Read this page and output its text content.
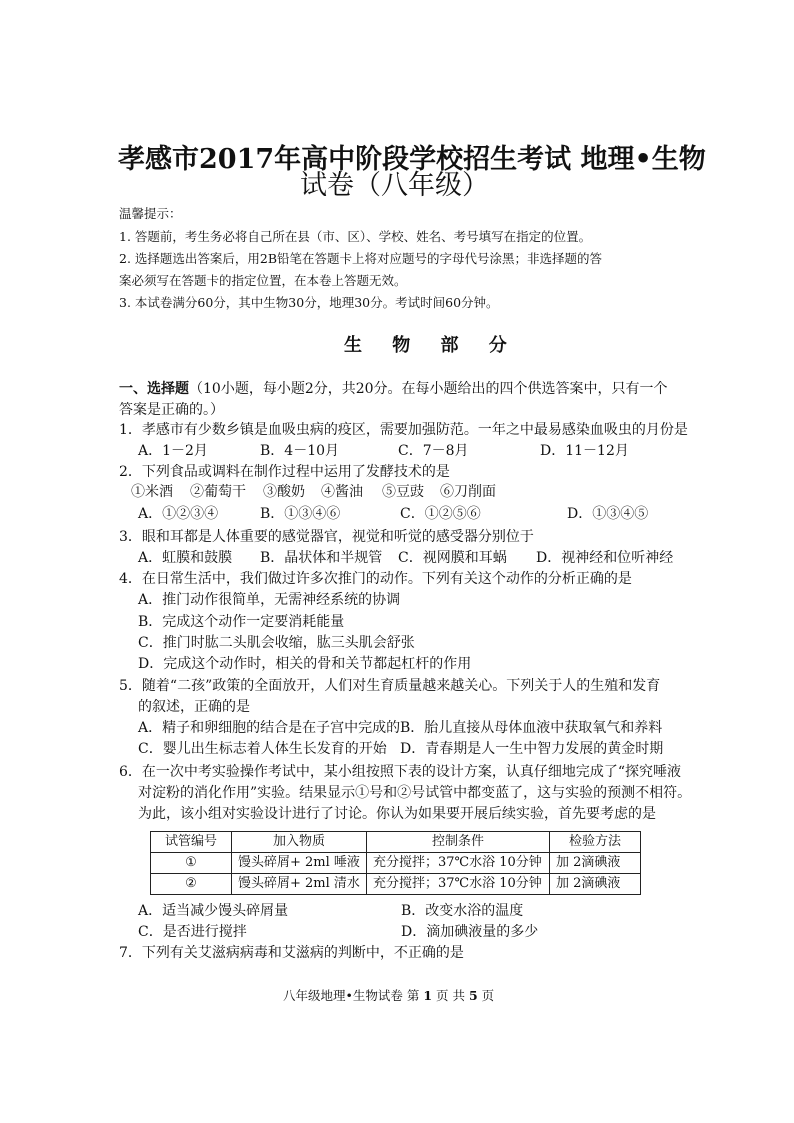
孝感市2017年高中阶段学校招生考试 地理•生物
试卷（八年级）
温馨提示：
1. 答题前，考生务必将自己所在县（市、区）、学校、姓名、考号填写在指定的位置。
2. 选择题选出答案后，用2B铅笔在答题卡上将对应题号的字母代号涂黑；非选择题的答
案必须写在答题卡的指定位置，在本卷上答题无效。
3. 本试卷满分60分，其中生物30分，地理30分。考试时间60分钟。
生 物 部 分
一、选择题（10小题，每小题2分，共20分。在每小题给出的四个供选答案中，只有一个
答案是正确的。）
1．孝感市有少数乡镇是血吸虫病的疫区，需要加强防范。一年之中最易感染血吸虫的月份是
A．1－2月	B．4－10月	C．7－8月	D．11－12月
2．下列食品或调料在制作过程中运用了发酵技术的是
①米酒 ②葡萄干 ③酸奶 ④酱油 ⑤豆豉 ⑥刀削面
A．①②③④	B．①③④⑥	C．①②⑤⑥	D．①③④⑤
3．眼和耳都是人体重要的感觉器官，视觉和听觉的感受器分别位于
A．虹膜和鼓膜 B．晶状体和半规管 C．视网膜和耳蜗 D．视神经和位听神经
4．在日常生活中，我们做过许多次推门的动作。下列有关这个动作的分析正确的是
A．推门动作很简单，无需神经系统的协调
B．完成这个动作一定要消耗能量
C．推门时肱二头肌会收缩，肱三头肌会舒张
D．完成这个动作时，相关的骨和关节都起杠杆的作用
5．随着“二孩”政策的全面放开，人们对生育质量越来越关心。下列关于人的生殖和发育
的叙述，正确的是
A．精子和卵细胞的结合是在子宫中完成的 B．胎儿直接从母体血液中获取氧气和养料
C．婴儿出生标志着人体生长发育的开始 D．青春期是人一生中智力发展的黄金时期
6．在一次中考实验操作考试中，某小组按照下表的设计方案，认真仔细地完成了“探究唾液
对淀粉的消化作用”实验。结果显示①号和②号试管中都变蓝了，这与实验的预测不相符。
为此，该小组对实验设计进行了讨论。你认为如果要开展后续实验，首先要考虑的是
试管编号	加入物质	控制条件	检验方法
①	馒头碎屑+ 2ml 唾液	充分搅拌；37℃水浴 10分钟	加 2滴碘液
②	馒头碎屑+ 2ml 清水	充分搅拌；37℃水浴 10分钟	加 2滴碘液
A．适当减少馒头碎屑量	B．改变水浴的温度
C．是否进行搅拌	D．滴加碘液量的多少
7．下列有关艾滋病病毒和艾滋病的判断中，不正确的是
八年级地理•生物试卷 第 1 页 共 5 页
